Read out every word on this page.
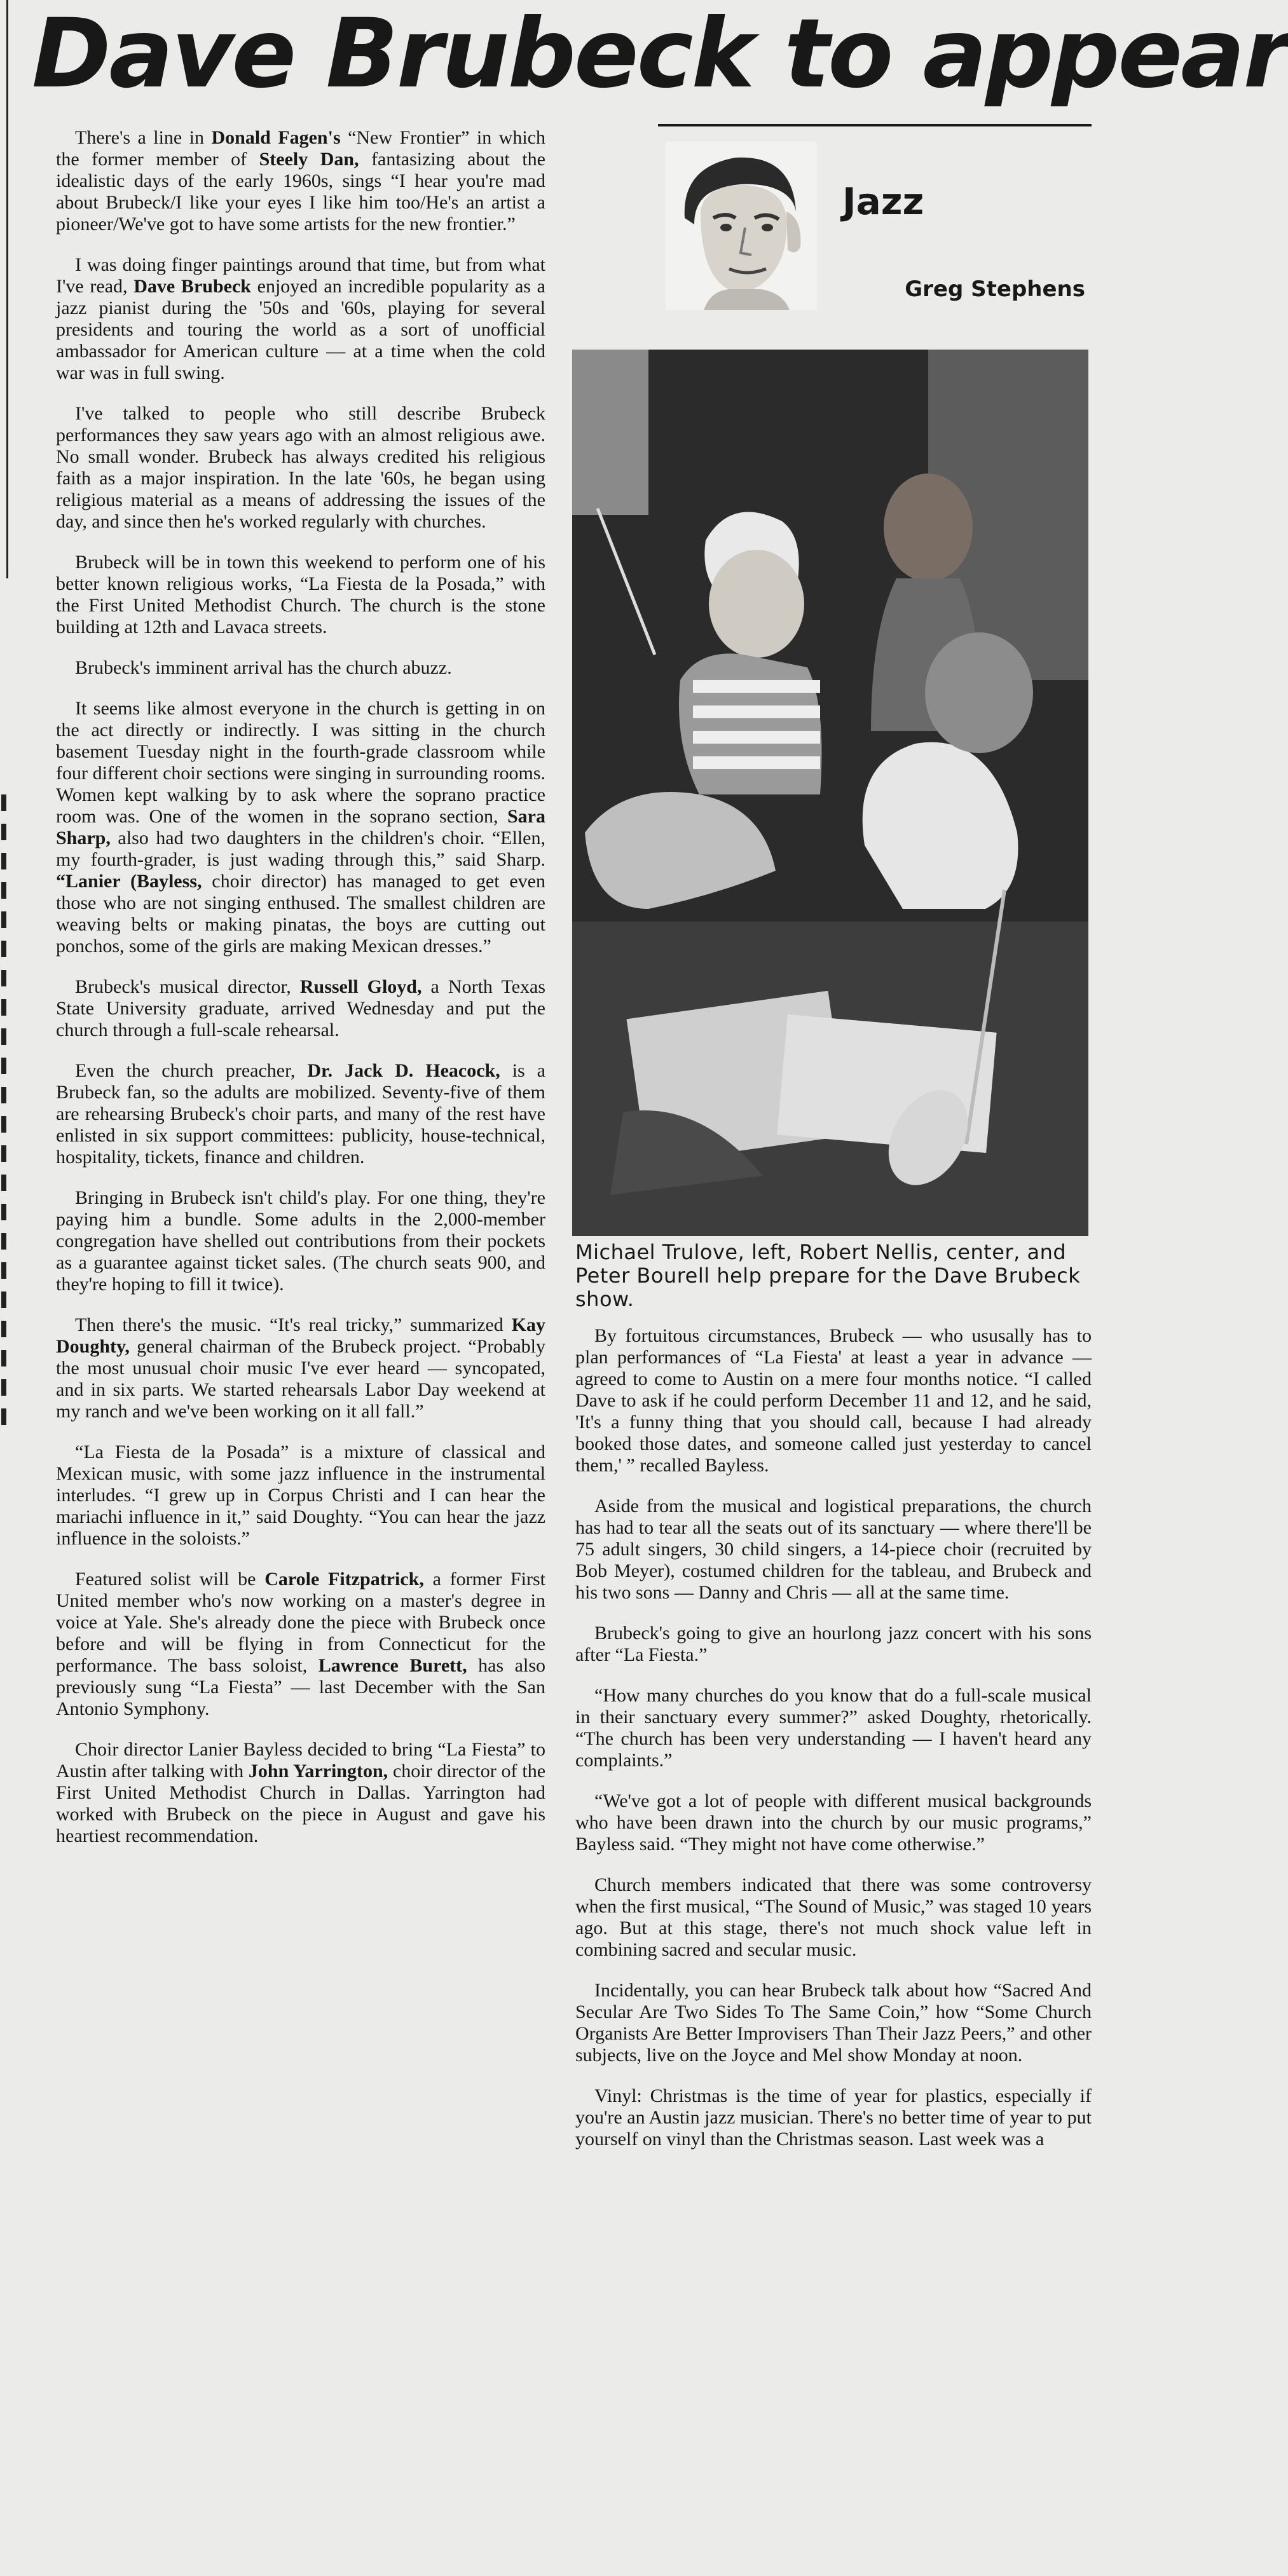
Dave Brubeck to appear

There's a line in Donald Fagen's “New Frontier” in which the former member of Steely Dan, fantasizing about the idealistic days of the early 1960s, sings “I hear you're mad about Brubeck/I like your eyes I like him too/He's an artist a pioneer/We've got to have some artists for the new frontier.”

I was doing finger paintings around that time, but from what I've read, Dave Brubeck enjoyed an incredible popularity as a jazz pianist during the '50s and '60s, playing for several presidents and touring the world as a sort of unofficial ambassador for American culture — at a time when the cold war was in full swing.

I've talked to people who still describe Brubeck performances they saw years ago with an almost religious awe. No small wonder. Brubeck has always credited his religious faith as a major inspiration. In the late '60s, he began using religious material as a means of addressing the issues of the day, and since then he's worked regularly with churches.

Brubeck will be in town this weekend to perform one of his better known religious works, “La Fiesta de la Posada,” with the First United Methodist Church. The church is the stone building at 12th and Lavaca streets.

Brubeck's imminent arrival has the church abuzz.

It seems like almost everyone in the church is getting in on the act directly or indirectly. I was sitting in the church basement Tuesday night in the fourth-grade classroom while four different choir sections were singing in surrounding rooms. Women kept walking by to ask where the soprano practice room was. One of the women in the soprano section, Sara Sharp, also had two daughters in the children's choir. “Ellen, my fourth-grader, is just wading through this,” said Sharp. “Lanier (Bayless, choir director) has managed to get even those who are not singing enthused. The smallest children are weaving belts or making pinatas, the boys are cutting out ponchos, some of the girls are making Mexican dresses.”

Brubeck's musical director, Russell Gloyd, a North Texas State University graduate, arrived Wednesday and put the church through a full-scale rehearsal.

Even the church preacher, Dr. Jack D. Heacock, is a Brubeck fan, so the adults are mobilized. Seventy-five of them are rehearsing Brubeck's choir parts, and many of the rest have enlisted in six support committees: publicity, house-technical, hospitality, tickets, finance and children.

Bringing in Brubeck isn't child's play. For one thing, they're paying him a bundle. Some adults in the 2,000-member congregation have shelled out contributions from their pockets as a guarantee against ticket sales. (The church seats 900, and they're hoping to fill it twice).

Then there's the music. “It's real tricky,” summarized Kay Doughty, general chairman of the Brubeck project. “Probably the most unusual choir music I've ever heard — syncopated, and in six parts. We started rehearsals Labor Day weekend at my ranch and we've been working on it all fall.”

“La Fiesta de la Posada” is a mixture of classical and Mexican music, with some jazz influence in the instrumental interludes. “I grew up in Corpus Christi and I can hear the mariachi influence in it,” said Doughty. “You can hear the jazz influence in the soloists.”

Featured solist will be Carole Fitzpatrick, a former First United member who's now working on a master's degree in voice at Yale. She's already done the piece with Brubeck once before and will be flying in from Connecticut for the performance. The bass soloist, Lawrence Burett, has also previously sung “La Fiesta” — last December with the San Antonio Symphony.

Choir director Lanier Bayless decided to bring “La Fiesta” to Austin after talking with John Yarrington, choir director of the First United Methodist Church in Dallas. Yarrington had worked with Brubeck on the piece in August and gave his heartiest recommendation.

Jazz

Greg Stephens

Michael Trulove, left, Robert Nellis, center, and Peter Bourell help prepare for the Dave Brubeck show.

By fortuitous circumstances, Brubeck — who ususally has to plan performances of “La Fiesta' at least a year in advance — agreed to come to Austin on a mere four months notice. “I called Dave to ask if he could perform December 11 and 12, and he said, 'It's a funny thing that you should call, because I had already booked those dates, and someone called just yesterday to cancel them,' ” recalled Bayless.

Aside from the musical and logistical preparations, the church has had to tear all the seats out of its sanctuary — where there'll be 75 adult singers, 30 child singers, a 14-piece choir (recruited by Bob Meyer), costumed children for the tableau, and Brubeck and his two sons — Danny and Chris — all at the same time.

Brubeck's going to give an hourlong jazz concert with his sons after “La Fiesta.”

“How many churches do you know that do a full-scale musical in their sanctuary every summer?” asked Doughty, rhetorically. “The church has been very understanding — I haven't heard any complaints.”

“We've got a lot of people with different musical backgrounds who have been drawn into the church by our music programs,” Bayless said. “They might not have come otherwise.”

Church members indicated that there was some controversy when the first musical, “The Sound of Music,” was staged 10 years ago. But at this stage, there's not much shock value left in combining sacred and secular music.

Incidentally, you can hear Brubeck talk about how “Sacred And Secular Are Two Sides To The Same Coin,” how “Some Church Organists Are Better Improvisers Than Their Jazz Peers,” and other subjects, live on the Joyce and Mel show Monday at noon.

Vinyl: Christmas is the time of year for plastics, especially if you're an Austin jazz musician. There's no better time of year to put yourself on vinyl than the Christmas season. Last week was a
